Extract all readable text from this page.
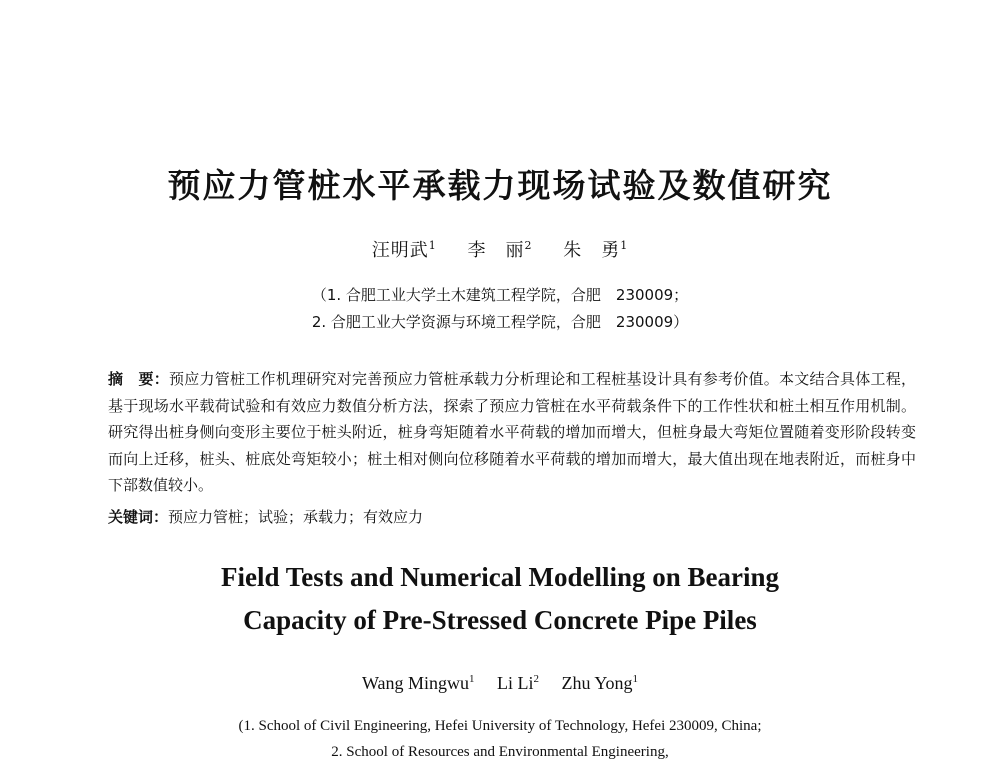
预应力管桩水平承载力现场试验及数值研究
汪明武$^1$ 李　丽$^2$ 朱　勇$^1$
（1. 合肥工业大学土木建筑工程学院，合肥　230009；
2. 合肥工业大学资源与环境工程学院，合肥　230009）
摘　要：预应力管桩工作机理研究对完善预应力管桩承载力分析理论和工程桩基设计具有参考价值。本文结合具体工程，基于现场水平载荷试验和有效应力数值分析方法，探索了预应力管桩在水平荷载条件下的工作性状和桩土相互作用机制。研究得出桩身侧向变形主要位于桩头附近，桩身弯矩随着水平荷载的增加而增大，但桩身最大弯矩位置随着变形阶段转变而向上迁移，桩头、桩底处弯矩较小；桩土相对侧向位移随着水平荷载的增加而增大，最大值出现在地表附近，而桩身中下部数值较小。
关键词：预应力管桩；试验；承载力；有效应力
Field Tests and Numerical Modelling on Bearing
Capacity of Pre-Stressed Concrete Pipe Piles
Wang Mingwu$^1$ Li Li$^2$ Zhu Yong$^1$
(1. School of Civil Engineering, Hefei University of Technology, Hefei 230009, China;
2. School of Resources and Environmental Engineering,
